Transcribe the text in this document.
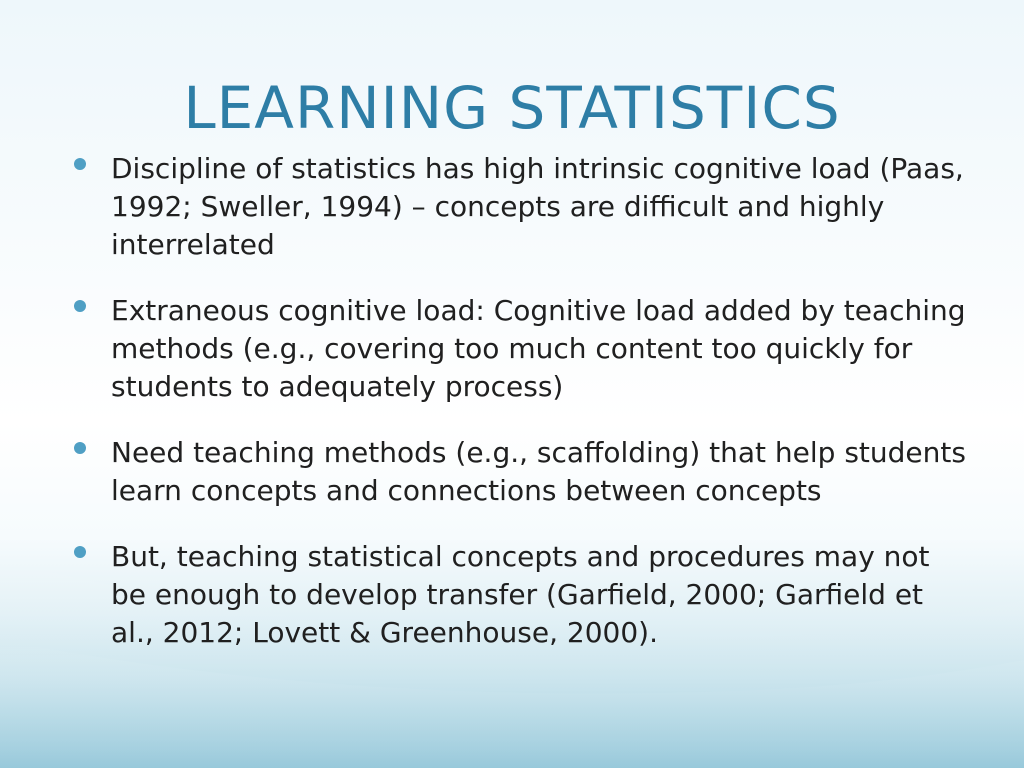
LEARNING STATISTICS
Discipline of statistics has high intrinsic cognitive load (Paas, 1992; Sweller, 1994) – concepts are difficult and highly interrelated
Extraneous cognitive load: Cognitive load added by teaching methods (e.g., covering too much content too quickly for students to adequately process)
Need teaching methods (e.g., scaffolding) that help students learn concepts and connections between concepts
But, teaching statistical concepts and procedures may not be enough to develop transfer (Garfield, 2000; Garfield et al., 2012; Lovett & Greenhouse, 2000).
